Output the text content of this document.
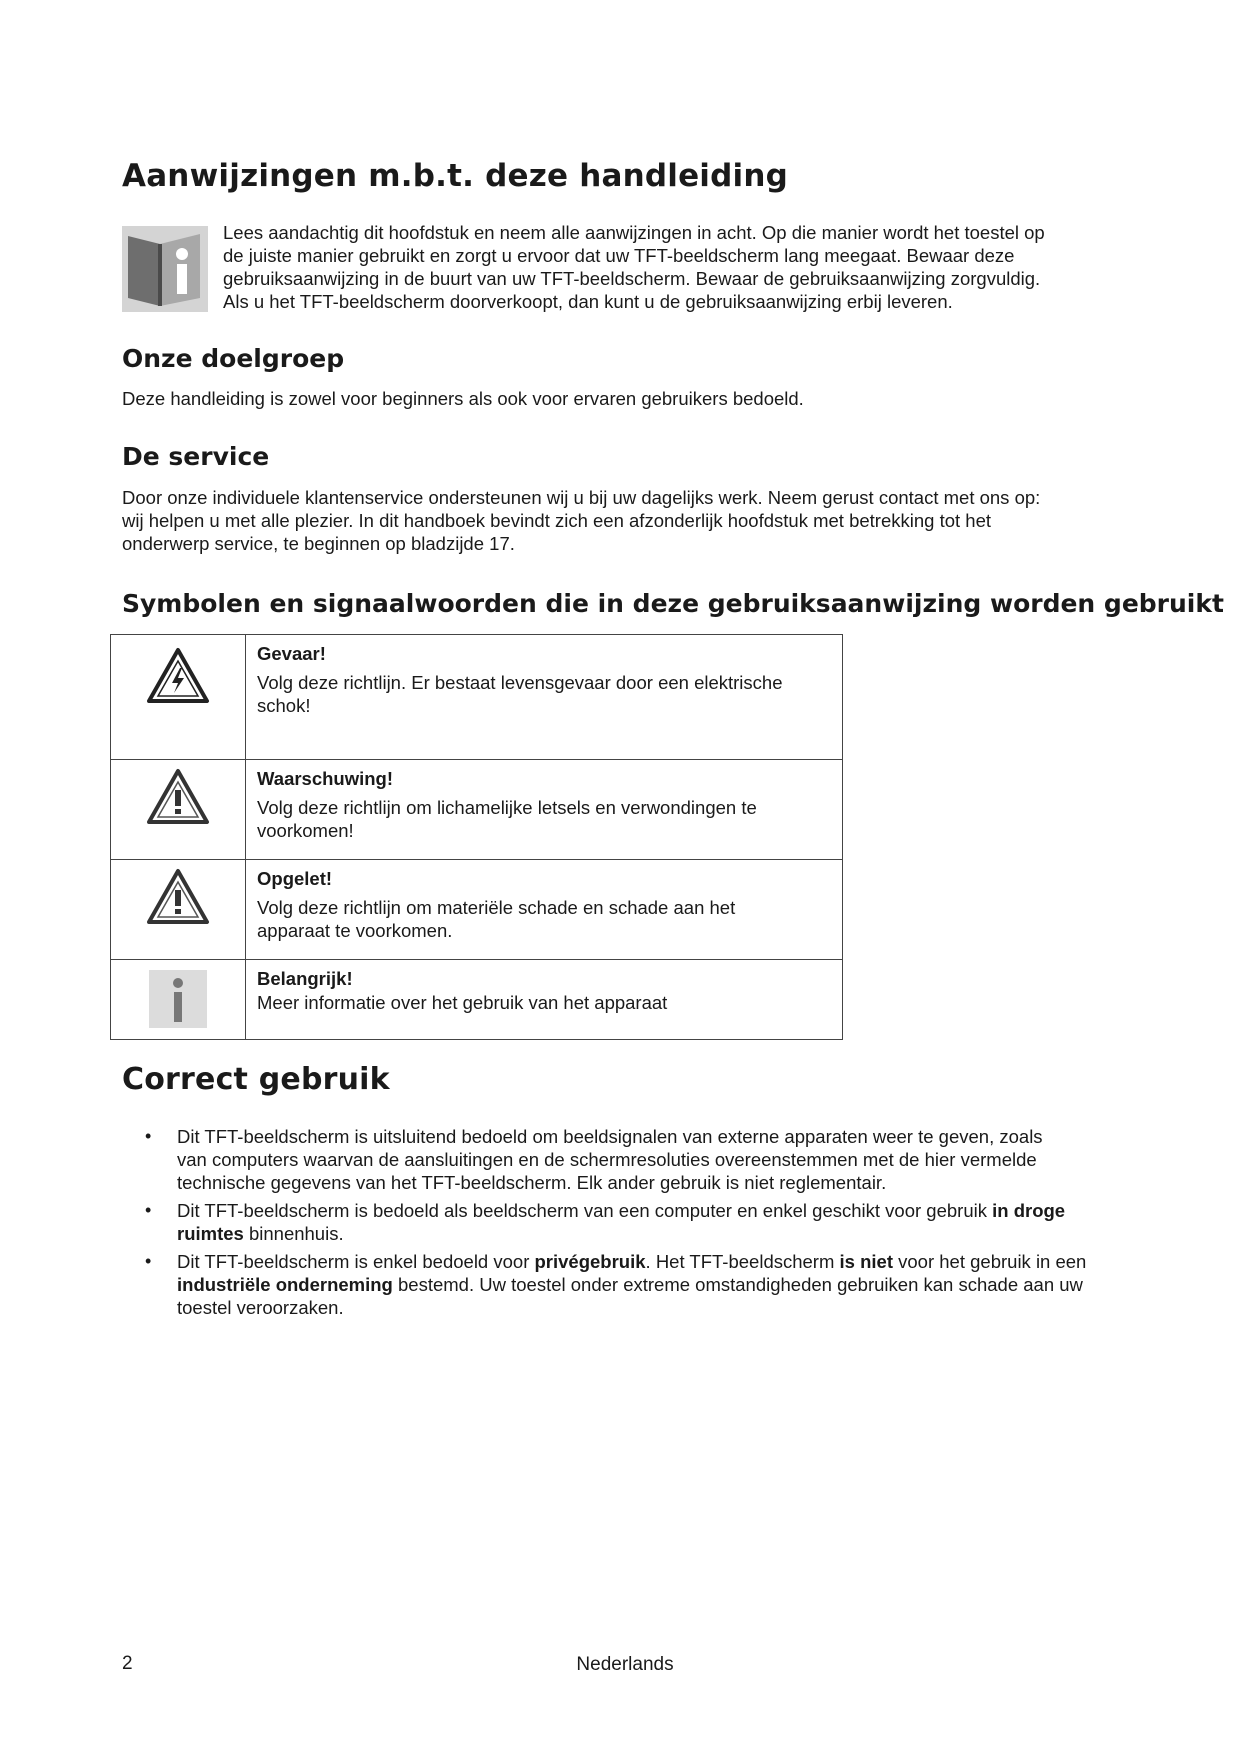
Aanwijzingen m.b.t. deze handleiding
Lees aandachtig dit hoofdstuk en neem alle aanwijzingen in acht. Op die manier wordt het toestel op
de juiste manier gebruikt en zorgt u ervoor dat uw TFT-beeldscherm lang meegaat. Bewaar deze
gebruiksaanwijzing in de buurt van uw TFT-beeldscherm. Bewaar de gebruiksaanwijzing zorgvuldig.
Als u het TFT-beeldscherm doorverkoopt, dan kunt u de gebruiksaanwijzing erbij leveren.
Onze doelgroep
Deze handleiding is zowel voor beginners als ook voor ervaren gebruikers bedoeld.
De service
Door onze individuele klantenservice ondersteunen wij u bij uw dagelijks werk. Neem gerust contact met ons op:
wij helpen u met alle plezier. In dit handboek bevindt zich een afzonderlijk hoofdstuk met betrekking tot het
onderwerp service, te beginnen op bladzijde 17.
Symbolen en signaalwoorden die in deze gebruiksaanwijzing worden gebruikt

Gevaar!
Volg deze richtlijn. Er bestaat levensgevaar door een elektrische
schok!

Waarschuwing!
Volg deze richtlijn om lichamelijke letsels en verwondingen te
voorkomen!

Opgelet!
Volg deze richtlijn om materiële schade en schade aan het
apparaat te voorkomen.

Belangrijk!
Meer informatie over het gebruik van het apparaat
Correct gebruik
• Dit TFT-beeldscherm is uitsluitend bedoeld om beeldsignalen van externe apparaten weer te geven, zoals
van computers waarvan de aansluitingen en de schermresoluties overeenstemmen met de hier vermelde
technische gegevens van het TFT-beeldscherm. Elk ander gebruik is niet reglementair.
• Dit TFT-beeldscherm is bedoeld als beeldscherm van een computer en enkel geschikt voor gebruik in droge ruimtes binnenhuis.
• Dit TFT-beeldscherm is enkel bedoeld voor privégebruik. Het TFT-beeldscherm is niet voor het gebruik in een industriële onderneming bestemd. Uw toestel onder extreme omstandigheden gebruiken kan schade aan uw toestel veroorzaken.
2	Nederlands
